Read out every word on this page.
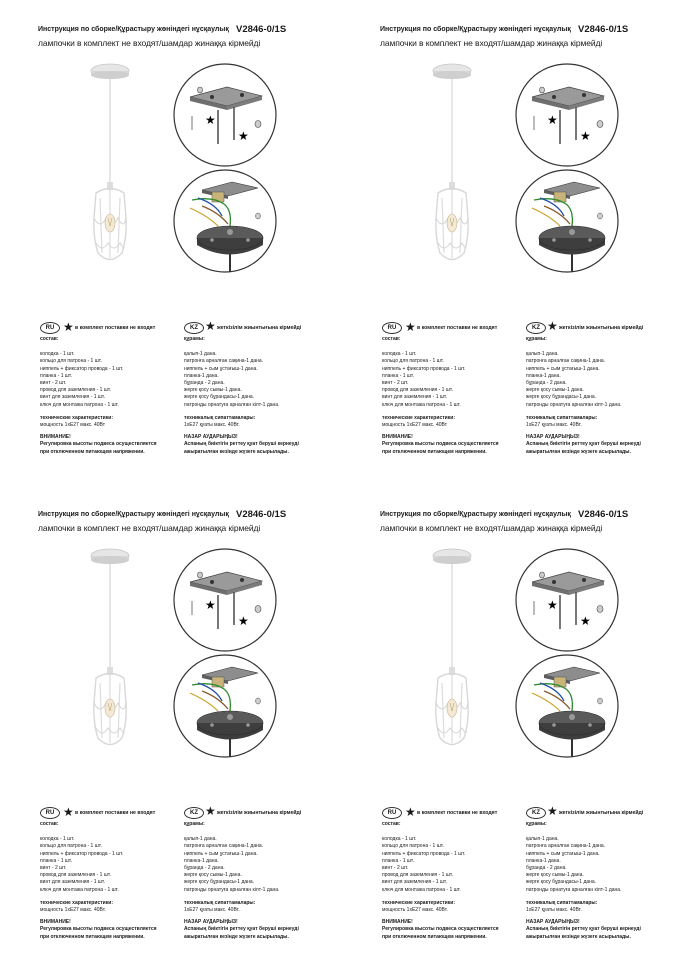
Инструкция по сборке/Құрастыру жөніндегі нұсқаулық V2846-0/1S
лампочки в комплект не входят/шамдар жинаққа кірмейді
★
★
RU ★ в комплект поставки не входят	KZ ★ жеткізілім жиынтығына кірмейді
состав:
колодка - 1 шт.
кольцо для патрона - 1 шт.
ниппель + фиксатор провода - 1 шт.
планка - 1 шт.
винт - 2 шт.
провод для заземления - 1 шт.
винт для заземления - 1 шт.
ключ для монтажа патрона - 1 шт.
технические характеристики:
мощность 1хЕ27 макс. 40Вт
ВНИМАНИЕ!
Регулировка высоты подвеса осуществляется
при отключенном питающем напряжении.
құрамы:
қалып-1 дана.
патронға арналған сақина-1 дана.
ниппель + сым ұстағыш-1 дана.
планка-1 дана.
бұранда - 2 дана.
жерге қосу сымы-1 дана.
жерге қосу бұрандасы-1 дана.
патронды орнатуға арналған кілт-1 дана.
техникалық сипаттамалары:
1хЕ27 қуаты макс. 40Вт.
НАЗАР АУДАРЫҢЫЗ!
Аспаның биіктігін реттеу қуат беруші кернеуді
ажыратылған кезінде жүзеге асырылады.
Инструкция по сборке/Құрастыру жөніндегі нұсқаулық V2846-0/1S
лампочки в комплект не входят/шамдар жинаққа кірмейді
★
★
RU ★ в комплект поставки не входят	KZ ★ жеткізілім жиынтығына кірмейді
состав:
колодка - 1 шт.
кольцо для патрона - 1 шт.
ниппель + фиксатор провода - 1 шт.
планка - 1 шт.
винт - 2 шт.
провод для заземления - 1 шт.
винт для заземления - 1 шт.
ключ для монтажа патрона - 1 шт.
технические характеристики:
мощность 1хЕ27 макс. 40Вт
ВНИМАНИЕ!
Регулировка высоты подвеса осуществляется
при отключенном питающем напряжении.
құрамы:
қалып-1 дана.
патронға арналған сақина-1 дана.
ниппель + сым ұстағыш-1 дана.
планка-1 дана.
бұранда - 2 дана.
жерге қосу сымы-1 дана.
жерге қосу бұрандасы-1 дана.
патронды орнатуға арналған кілт-1 дана.
техникалық сипаттамалары:
1хЕ27 қуаты макс. 40Вт.
НАЗАР АУДАРЫҢЫЗ!
Аспаның биіктігін реттеу қуат беруші кернеуді
ажыратылған кезінде жүзеге асырылады.
Инструкция по сборке/Құрастыру жөніндегі нұсқаулық V2846-0/1S
лампочки в комплект не входят/шамдар жинаққа кірмейді
★
★
RU ★ в комплект поставки не входят	KZ ★ жеткізілім жиынтығына кірмейді
состав:
колодка - 1 шт.
кольцо для патрона - 1 шт.
ниппель + фиксатор провода - 1 шт.
планка - 1 шт.
винт - 2 шт.
провод для заземления - 1 шт.
винт для заземления - 1 шт.
ключ для монтажа патрона - 1 шт.
технические характеристики:
мощность 1хЕ27 макс. 40Вт.
ВНИМАНИЕ!
Регулировка высоты подвеса осуществляется
при отключенном питающем напряжении.
құрамы:
қалып-1 дана.
патронға арналған сақина-1 дана.
ниппель + сым ұстағыш-1 дана.
планка-1 дана.
бұранда - 2 дана.
жерге қосу сымы-1 дана.
жерге қосу бұрандасы-1 дана.
патронды орнатуға арналған кілт-1 дана.
техникалық сипаттамалары:
1хЕ27 қуаты макс. 40Вт.
НАЗАР АУДАРЫҢЫЗ!
Аспаның биіктігін реттеу қуат беруші кернеуді
ажыратылған кезінде жүзеге асырылады.
Инструкция по сборке/Құрастыру жөніндегі нұсқаулық V2846-0/1S
лампочки в комплект не входят/шамдар жинаққа кірмейді
★
★
RU ★ в комплект поставки не входят	KZ ★ жеткізілім жиынтығына кірмейді
состав:
колодка - 1 шт.
кольцо для патрона - 1 шт.
ниппель + фиксатор провода - 1 шт.
планка - 1 шт.
винт - 2 шт.
провод для заземления - 1 шт.
винт для заземления - 1 шт.
ключ для монтажа патрона - 1 шт.
технические характеристики:
мощность 1хЕ27 макс. 40Вт.
ВНИМАНИЕ!
Регулировка высоты подвеса осуществляется
при отключенном питающем напряжении.
құрамы:
қалып-1 дана.
патронға арналған сақина-1 дана.
ниппель + сым ұстағыш-1 дана.
планка-1 дана.
бұранда - 2 дана.
жерге қосу сымы-1 дана.
жерге қосу бұрандасы-1 дана.
патронды орнатуға арналған кілт-1 дана.
техникалық сипаттамалары:
1хЕ27 қуаты макс. 40Вт.
НАЗАР АУДАРЫҢЫЗ!
Аспаның биіктігін реттеу қуат беруші кернеуді
ажыратылған кезінде жүзеге асырылады.
